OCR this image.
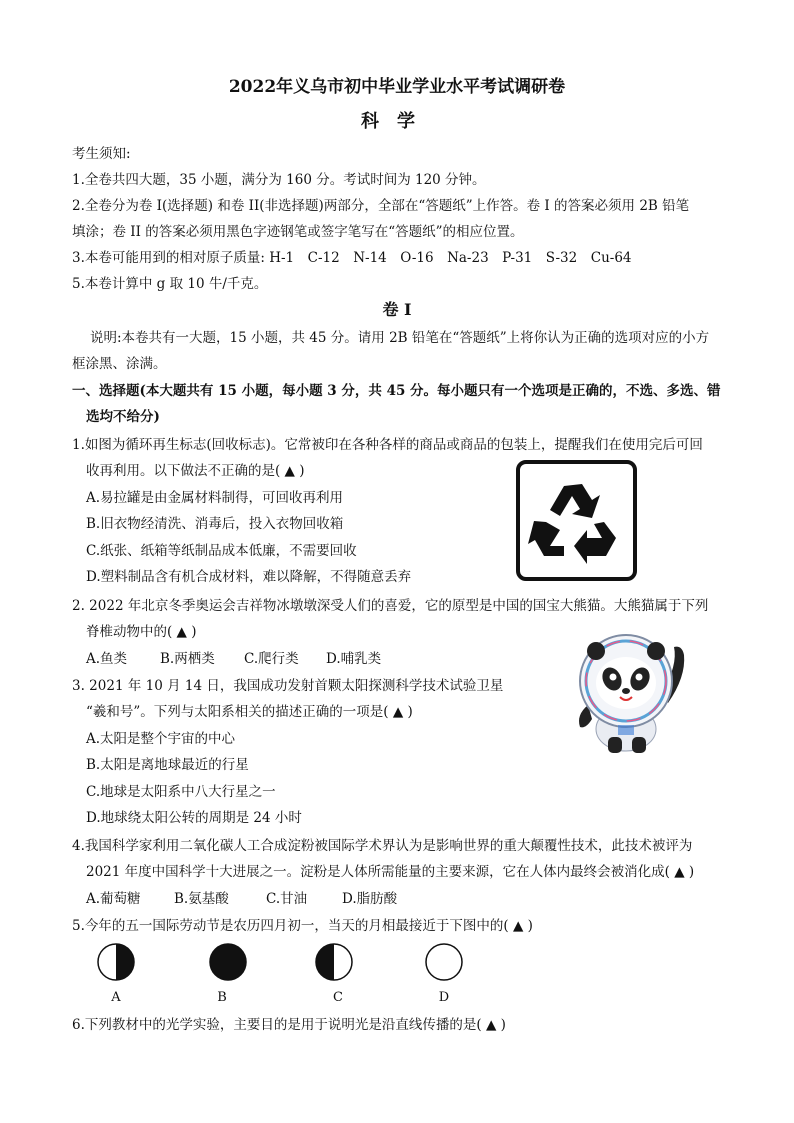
2022年义乌市初中毕业学业水平考试调研卷
科学
考生须知:
1.全卷共四大题，35 小题，满分为 160 分。考试时间为 120 分钟。
2.全卷分为卷 I(选择题) 和卷 II(非选择题)两部分，全部在“答题纸”上作答。卷 I 的答案必须用 2B 铅笔
填涂；卷 II 的答案必须用黑色字迹钢笔或签字笔写在“答题纸”的相应位置。
3.本卷可能用到的相对原子质量: H-1　C-12　N-14　O-16　Na-23　P-31　S-32　Cu-64
5.本卷计算中 g 取 10 牛/千克。
卷 I
说明:本卷共有一大题，15 小题，共 45 分。请用 2B 铅笔在“答题纸”上将你认为正确的选项对应的小方
框涂黑、涂满。
一、选择题(本大题共有 15 小题，每小题 3 分，共 45 分。每小题只有一个选项是正确的，不选、多选、错
选均不给分)
1.如图为循环再生标志(回收标志)。它常被印在各种各样的商品或商品的包装上，提醒我们在使用完后可回
收再利用。以下做法不正确的是( ▲ )
A.易拉罐是由金属材料制得，可回收再利用
B.旧衣物经清洗、消毒后，投入衣物回收箱
C.纸张、纸箱等纸制品成本低廉，不需要回收
D.塑料制品含有机合成材料，难以降解，不得随意丢弃
2. 2022 年北京冬季奥运会吉祥物冰墩墩深受人们的喜爱，它的原型是中国的国宝大熊猫。大熊猫属于下列
脊椎动物中的( ▲ )
A.鱼类 B.两栖类 C.爬行类 D.哺乳类
3. 2021 年 10 月 14 日，我国成功发射首颗太阳探测科学技术试验卫星
“羲和号”。下列与太阳系相关的描述正确的一项是( ▲ )
A.太阳是整个宇宙的中心
B.太阳是离地球最近的行星
C.地球是太阳系中八大行星之一
D.地球绕太阳公转的周期是 24 小时
4.我国科学家利用二氧化碳人工合成淀粉被国际学术界认为是影响世界的重大颠覆性技术，此技术被评为
2021 年度中国科学十大进展之一。淀粉是人体所需能量的主要来源，它在人体内最终会被消化成( ▲ )
A.葡萄糖 B.氨基酸	C.甘油	D.脂肪酸
5.今年的五一国际劳动节是农历四月初一，当天的月相最接近于下图中的( ▲ )
A	B	C	D
6.下列教材中的光学实验，主要目的是用于说明光是沿直线传播的是( ▲ )
